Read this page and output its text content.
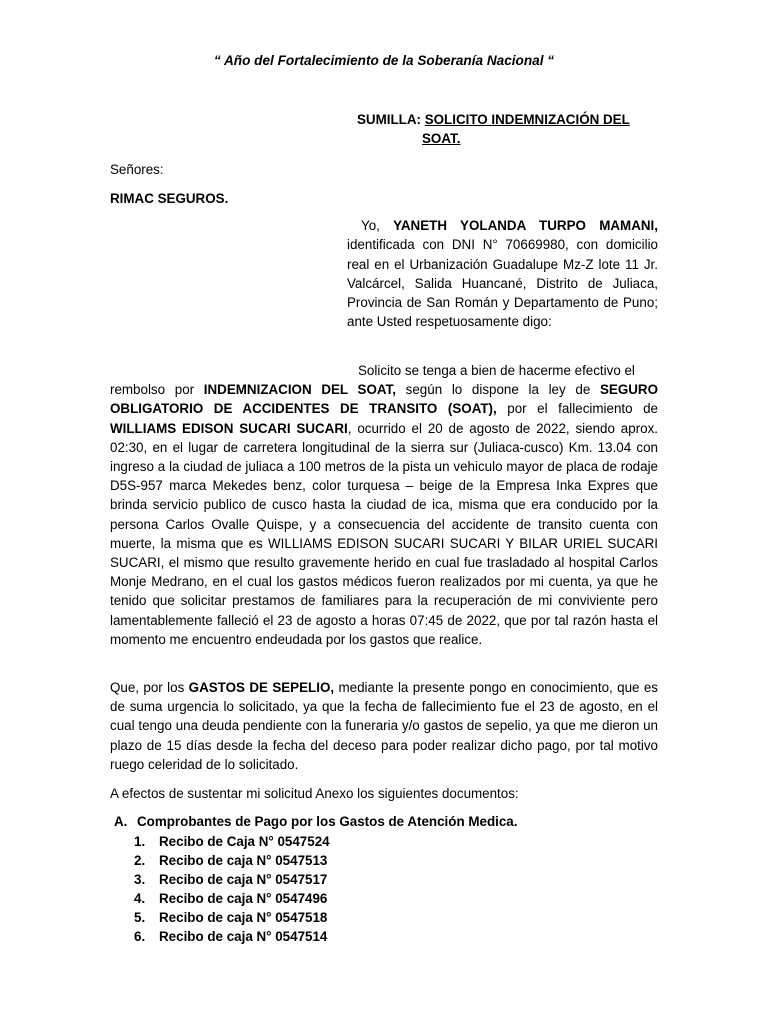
“ Año del Fortalecimiento de la Soberanía Nacional “
SUMILLA: SOLICITO INDEMNIZACIÓN DEL
SOAT.
Señores:
RIMAC SEGUROS.
Yo, YANETH YOLANDA TURPO MAMANI, identificada con DNI N° 70669980, con domicilio real en el Urbanización Guadalupe Mz-Z lote 11 Jr. Valcárcel, Salida Huancané, Distrito de Juliaca, Provincia de San Román y Departamento de Puno; ante Usted respetuosamente digo:
Solicito se tenga a bien de hacerme efectivo el
rembolso por INDEMNIZACION DEL SOAT, según lo dispone la ley de SEGURO OBLIGATORIO DE ACCIDENTES DE TRANSITO (SOAT), por el fallecimiento de WILLIAMS EDISON SUCARI SUCARI, ocurrido el 20 de agosto de 2022, siendo aprox. 02:30, en el lugar de carretera longitudinal de la sierra sur (Juliaca-cusco) Km. 13.04 con ingreso a la ciudad de juliaca a 100 metros de la pista un vehiculo mayor de placa de rodaje D5S-957 marca Mekedes benz, color turquesa – beige de la Empresa Inka Expres que brinda servicio publico de cusco hasta la ciudad de ica, misma que era conducido por la persona Carlos Ovalle Quispe, y a consecuencia del accidente de transito cuenta con muerte, la misma que es WILLIAMS EDISON SUCARI SUCARI Y BILAR URIEL SUCARI SUCARI, el mismo que resulto gravemente herido en cual fue trasladado al hospital Carlos Monje Medrano, en el cual los gastos médicos fueron realizados por mi cuenta, ya que he tenido que solicitar prestamos de familiares para la recuperación de mi conviviente pero lamentablemente falleció el 23 de agosto a horas 07:45 de 2022, que por tal razón hasta el momento me encuentro endeudada por los gastos que realice.
Que, por los GASTOS DE SEPELIO, mediante la presente pongo en conocimiento, que es de suma urgencia lo solicitado, ya que la fecha de fallecimiento fue el 23 de agosto, en el cual tengo una deuda pendiente con la funeraria y/o gastos de sepelio, ya que me dieron un plazo de 15 días desde la fecha del deceso para poder realizar dicho pago, por tal motivo ruego celeridad de lo solicitado.
A efectos de sustentar mi solicitud Anexo los siguientes documentos:
A. Comprobantes de Pago por los Gastos de Atención Medica.
1. Recibo de Caja N° 0547524
2. Recibo de caja N° 0547513
3. Recibo de caja N° 0547517
4. Recibo de caja N° 0547496
5. Recibo de caja N° 0547518
6. Recibo de caja N° 0547514
